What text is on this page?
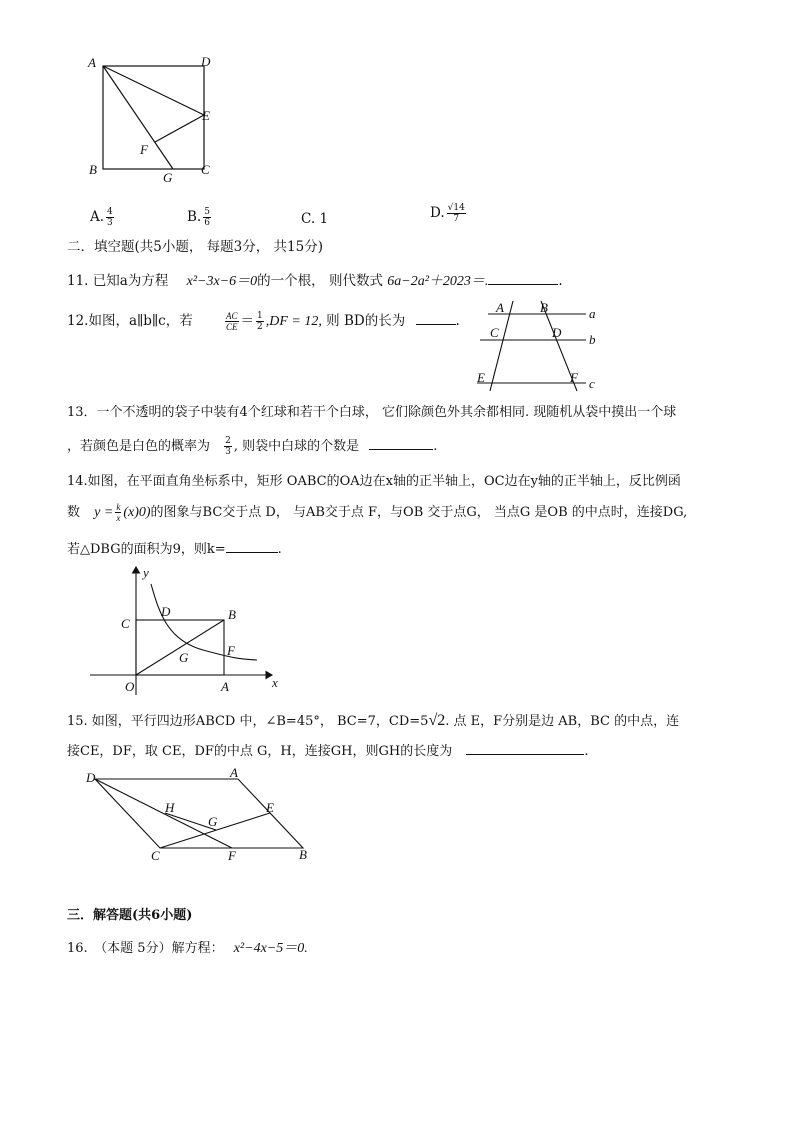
A	D
E
F
B
G
C
A. $\frac{4}{3}$	B. $\frac{5}{6}$	C. 1	D. $\frac{√14}{7}$
二．填空题(共5小题， 每题3分， 共15分)
11. 已知a为方程 x²−3x−6＝0的一个根， 则代数式 6a−2a²＋2023＝.	.
12.如图，a∥b∥c，若	$\frac{AC}{CE} = \frac{1}{2} ,DF = 12$, 则 BD的长为	.
A	B	a
C	D b
E	F c
13．一个不透明的袋子中装有4个红球和若干个白球， 它们除颜色外其余都相同. 现随机从袋中摸出一个球
，若颜色是白色的概率为 $\frac{2}{3}$ , 则袋中白球的个数是	.
14.如图，在平面直角坐标系中，矩形 OABC的OA边在x轴的正半轴上，OC边在y轴的正半轴上，反比例函
数 $y = \frac{k}{x} (x)0$)的图象与BC交于点 D， 与AB交于点 F，与OB 交于点G， 当点G 是OB 的中点时，连接DG,
若△DBG的面积为9，则k=	.
y
C
D	B
G	F
O	A	x
15. 如图，平行四边形ABCD 中，∠B=45°， BC=7，CD=5√2. 点 E，F分别是边 AB，BC 的中点，连
接CE，DF，取 CE，DF的中点 G，H，连接GH，则GH的长度为	.
D	A
H	E
G
C	F	B
三．解答题(共6小题)
16.　（本题 5分）解方程： x²−4x−5＝0.
